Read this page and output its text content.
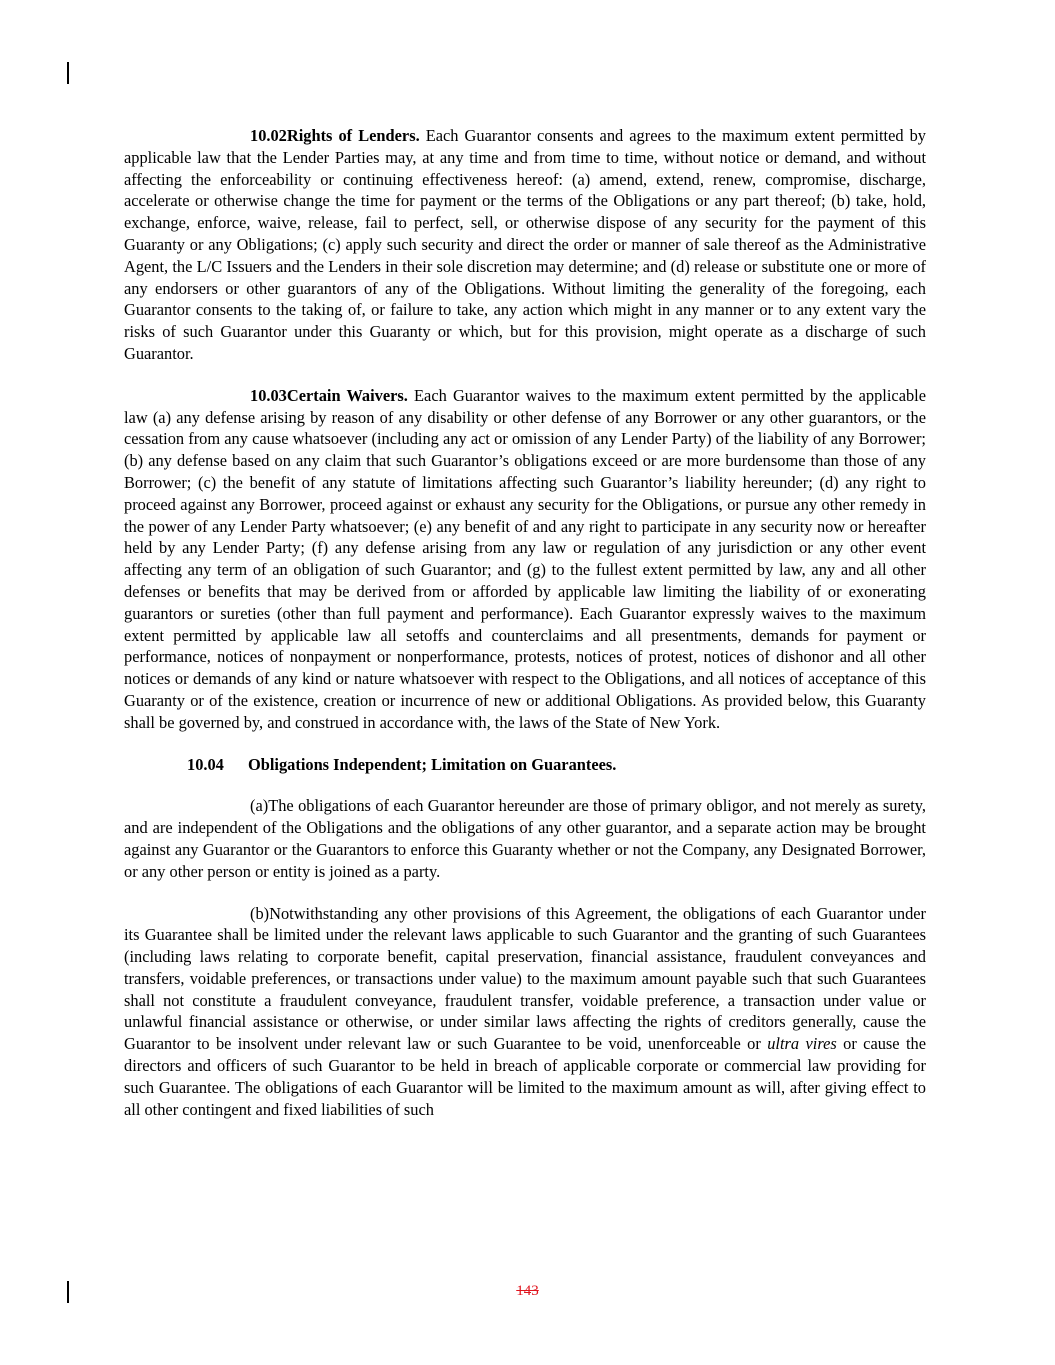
10.02Rights of Lenders. Each Guarantor consents and agrees to the maximum extent permitted by applicable law that the Lender Parties may, at any time and from time to time, without notice or demand, and without affecting the enforceability or continuing effectiveness hereof: (a) amend, extend, renew, compromise, discharge, accelerate or otherwise change the time for payment or the terms of the Obligations or any part thereof; (b) take, hold, exchange, enforce, waive, release, fail to perfect, sell, or otherwise dispose of any security for the payment of this Guaranty or any Obligations; (c) apply such security and direct the order or manner of sale thereof as the Administrative Agent, the L/C Issuers and the Lenders in their sole discretion may determine; and (d) release or substitute one or more of any endorsers or other guarantors of any of the Obligations. Without limiting the generality of the foregoing, each Guarantor consents to the taking of, or failure to take, any action which might in any manner or to any extent vary the risks of such Guarantor under this Guaranty or which, but for this provision, might operate as a discharge of such Guarantor.

10.03Certain Waivers. Each Guarantor waives to the maximum extent permitted by the applicable law (a) any defense arising by reason of any disability or other defense of any Borrower or any other guarantors, or the cessation from any cause whatsoever (including any act or omission of any Lender Party) of the liability of any Borrower; (b) any defense based on any claim that such Guarantor’s obligations exceed or are more burdensome than those of any Borrower; (c) the benefit of any statute of limitations affecting such Guarantor’s liability hereunder; (d) any right to proceed against any Borrower, proceed against or exhaust any security for the Obligations, or pursue any other remedy in the power of any Lender Party whatsoever; (e) any benefit of and any right to participate in any security now or hereafter held by any Lender Party; (f) any defense arising from any law or regulation of any jurisdiction or any other event affecting any term of an obligation of such Guarantor; and (g) to the fullest extent permitted by law, any and all other defenses or benefits that may be derived from or afforded by applicable law limiting the liability of or exonerating guarantors or sureties (other than full payment and performance). Each Guarantor expressly waives to the maximum extent permitted by applicable law all setoffs and counterclaims and all presentments, demands for payment or performance, notices of nonpayment or nonperformance, protests, notices of protest, notices of dishonor and all other notices or demands of any kind or nature whatsoever with respect to the Obligations, and all notices of acceptance of this Guaranty or of the existence, creation or incurrence of new or additional Obligations. As provided below, this Guaranty shall be governed by, and construed in accordance with, the laws of the State of New York.

10.04 Obligations Independent; Limitation on Guarantees.

(a)The obligations of each Guarantor hereunder are those of primary obligor, and not merely as surety, and are independent of the Obligations and the obligations of any other guarantor, and a separate action may be brought against any Guarantor or the Guarantors to enforce this Guaranty whether or not the Company, any Designated Borrower, or any other person or entity is joined as a party.

(b)Notwithstanding any other provisions of this Agreement, the obligations of each Guarantor under its Guarantee shall be limited under the relevant laws applicable to such Guarantor and the granting of such Guarantees (including laws relating to corporate benefit, capital preservation, financial assistance, fraudulent conveyances and transfers, voidable preferences, or transactions under value) to the maximum amount payable such that such Guarantees shall not constitute a fraudulent conveyance, fraudulent transfer, voidable preference, a transaction under value or unlawful financial assistance or otherwise, or under similar laws affecting the rights of creditors generally, cause the Guarantor to be insolvent under relevant law or such Guarantee to be void, unenforceable or ultra vires or cause the directors and officers of such Guarantor to be held in breach of applicable corporate or commercial law providing for such Guarantee. The obligations of each Guarantor will be limited to the maximum amount as will, after giving effect to all other contingent and fixed liabilities of such

143
